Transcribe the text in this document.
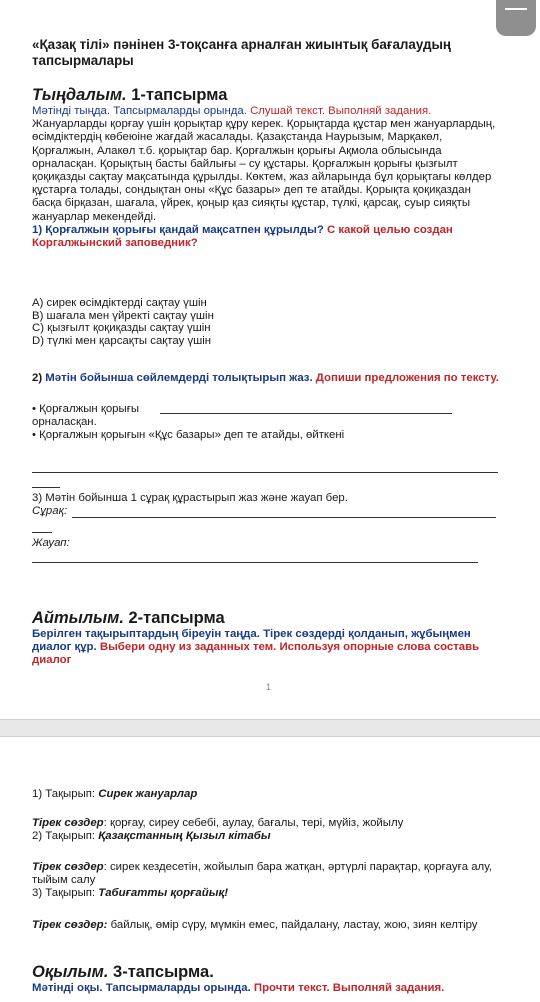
«Қазақ тілі» пәнінен 3-тоқсанға арналған жиынтық бағалаудың тапсырмалары
Тыңдалым. 1-тапсырма
Мәтінді тыңда. Тапсырмаларды орында. Слушай текст. Выполняй задания.
Жануарларды қорғау үшін қорықтар құру керек. Қорықтарда құстар мен жануарлардың, өсімдіктердің көбеюіне жағдай жасалады. Қазақстанда Наурызым, Марқакөл, Қорғалжын, Алакөл т.б. қорықтар бар. Қорғалжын қорығы Ақмола облысында орналасқан. Қорықтың басты байлығы – су құстары. Қорғалжын қорығы қызғылт қоқиқазды сақтау мақсатында құрылды. Көктем, жаз айларында бұл қорықтағы көлдер құстарға толады, сондықтан оны «Құс базары» деп те атайды. Қорықта қоқиқаздан басқа бірқазан, шағала, үйрек, қоңыр қаз сияқты құстар, түлкі, қарсақ, суыр сияқты жануарлар мекендейді.
1) Қорғалжын қорығы қандай мақсатпен құрылды? С какой целью создан Коргалжынский заповедник?
А) сирек өсімдіктерді сақтау үшін
В) шағала мен үйректі сақтау үшін
С) қызғылт қоқиқазды сақтау үшін
D) түлкі мен қарсақты сақтау үшін
2) Мәтін бойынша сөйлемдерді толықтырып жаз. Допиши предложения по тексту.
• Қорғалжын қорығы
орналасқан.
• Қорғалжын қорығын «Құс базары» деп те атайды, өйткені
3) Мәтін бойынша 1 сұрақ құрастырып жаз және жауап бер.
Сұрақ:
Жауап:
Айтылым. 2-тапсырма
Берілген тақырыптардың біреуін таңда. Тірек сөздерді қолданып, жұбыңмен диалог құр. Выбери одну из заданных тем. Используя опорные слова составь диалог
1
1) Тақырып: Сирек жануарлар
Тірек сөздер: қорғау, сиреу себебі, аулау, бағалы, тері, мүйіз, жойылу
2) Тақырып: Қазақстанның Қызыл кітабы
Тірек сөздер: сирек кездесетін, жойылып бара жатқан, әртүрлі парақтар, қорғауға алу, тыйым салу
3) Тақырып: Табиғатты қорғайық!
Тірек сөздер: байлық, өмір сүру, мүмкін емес, пайдалану, ластау, жою, зиян келтіру
Оқылым. 3-тапсырма.
Мәтінді оқы. Тапсырмаларды орында. Прочти текст. Выполняй задания.
